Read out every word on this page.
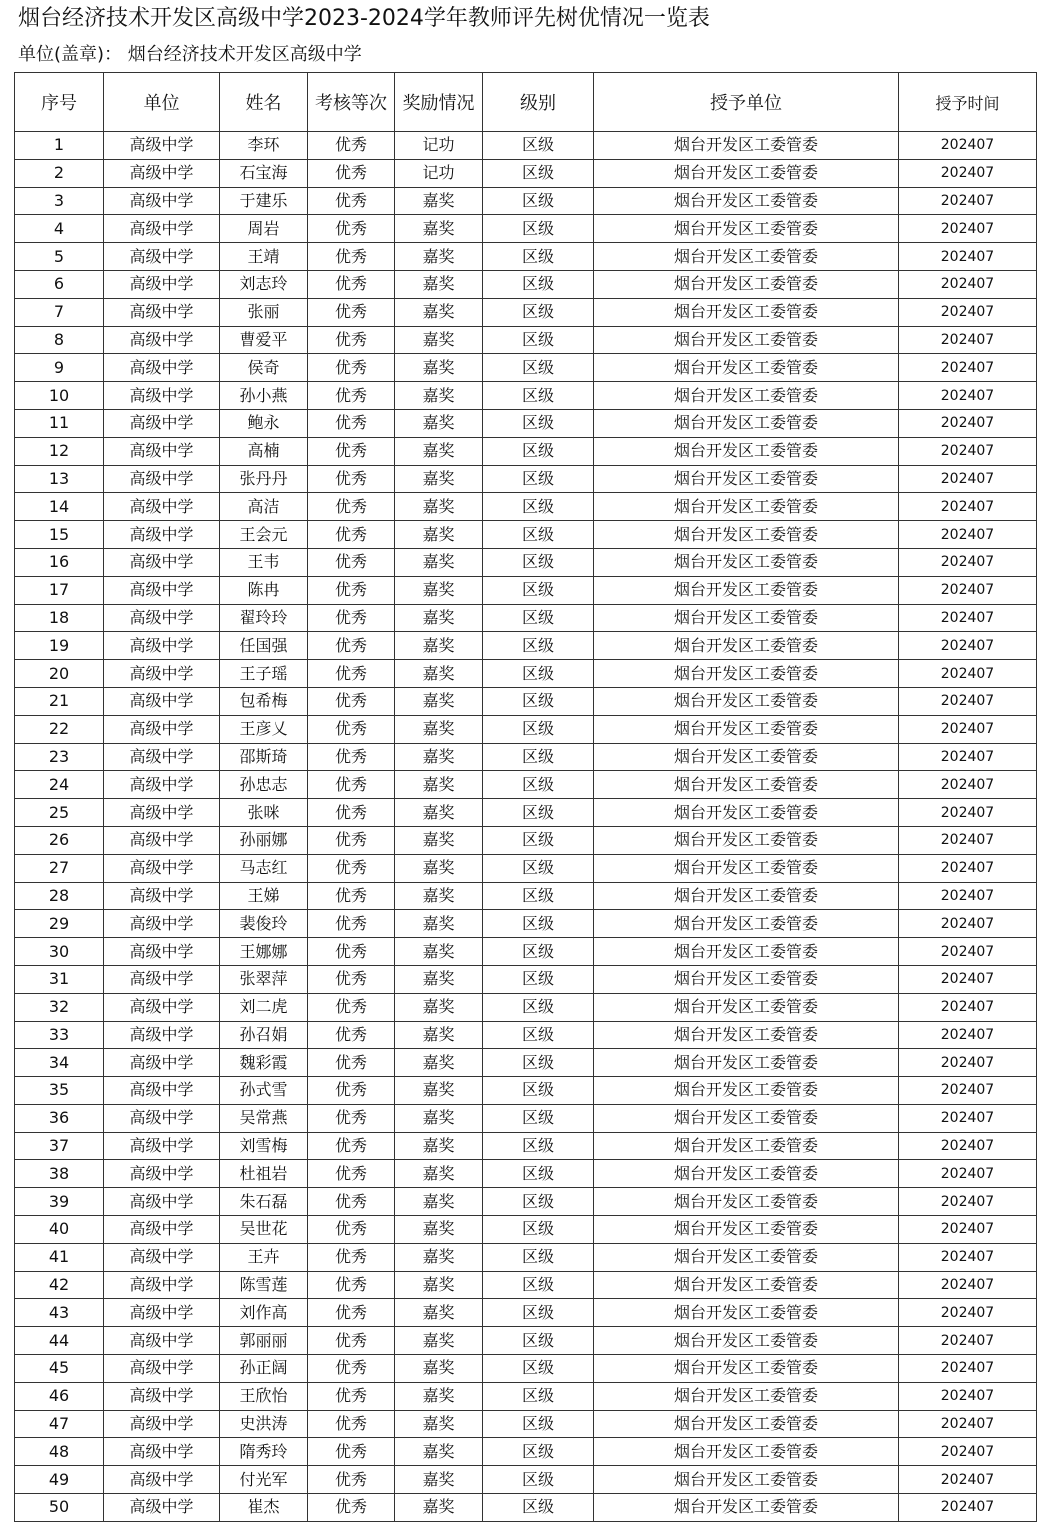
烟台经济技术开发区高级中学2023-2024学年教师评先树优情况一览表
单位(盖章)： 烟台经济技术开发区高级中学
序号	单位	姓名	考核等次	奖励情况	级别	授予单位	授予时间
1	高级中学	李环	优秀	记功	区级	烟台开发区工委管委	202407
2	高级中学	石宝海	优秀	记功	区级	烟台开发区工委管委	202407
3	高级中学	于建乐	优秀	嘉奖	区级	烟台开发区工委管委	202407
4	高级中学	周岩	优秀	嘉奖	区级	烟台开发区工委管委	202407
5	高级中学	王靖	优秀	嘉奖	区级	烟台开发区工委管委	202407
6	高级中学	刘志玲	优秀	嘉奖	区级	烟台开发区工委管委	202407
7	高级中学	张丽	优秀	嘉奖	区级	烟台开发区工委管委	202407
8	高级中学	曹爱平	优秀	嘉奖	区级	烟台开发区工委管委	202407
9	高级中学	侯奇	优秀	嘉奖	区级	烟台开发区工委管委	202407
10	高级中学	孙小燕	优秀	嘉奖	区级	烟台开发区工委管委	202407
11	高级中学	鲍永	优秀	嘉奖	区级	烟台开发区工委管委	202407
12	高级中学	高楠	优秀	嘉奖	区级	烟台开发区工委管委	202407
13	高级中学	张丹丹	优秀	嘉奖	区级	烟台开发区工委管委	202407
14	高级中学	高洁	优秀	嘉奖	区级	烟台开发区工委管委	202407
15	高级中学	王会元	优秀	嘉奖	区级	烟台开发区工委管委	202407
16	高级中学	王韦	优秀	嘉奖	区级	烟台开发区工委管委	202407
17	高级中学	陈冉	优秀	嘉奖	区级	烟台开发区工委管委	202407
18	高级中学	翟玲玲	优秀	嘉奖	区级	烟台开发区工委管委	202407
19	高级中学	任国强	优秀	嘉奖	区级	烟台开发区工委管委	202407
20	高级中学	王子瑶	优秀	嘉奖	区级	烟台开发区工委管委	202407
21	高级中学	包希梅	优秀	嘉奖	区级	烟台开发区工委管委	202407
22	高级中学	王彦乂	优秀	嘉奖	区级	烟台开发区工委管委	202407
23	高级中学	邵斯琦	优秀	嘉奖	区级	烟台开发区工委管委	202407
24	高级中学	孙忠志	优秀	嘉奖	区级	烟台开发区工委管委	202407
25	高级中学	张咪	优秀	嘉奖	区级	烟台开发区工委管委	202407
26	高级中学	孙丽娜	优秀	嘉奖	区级	烟台开发区工委管委	202407
27	高级中学	马志红	优秀	嘉奖	区级	烟台开发区工委管委	202407
28	高级中学	王娣	优秀	嘉奖	区级	烟台开发区工委管委	202407
29	高级中学	裴俊玲	优秀	嘉奖	区级	烟台开发区工委管委	202407
30	高级中学	王娜娜	优秀	嘉奖	区级	烟台开发区工委管委	202407
31	高级中学	张翠萍	优秀	嘉奖	区级	烟台开发区工委管委	202407
32	高级中学	刘二虎	优秀	嘉奖	区级	烟台开发区工委管委	202407
33	高级中学	孙召娟	优秀	嘉奖	区级	烟台开发区工委管委	202407
34	高级中学	魏彩霞	优秀	嘉奖	区级	烟台开发区工委管委	202407
35	高级中学	孙式雪	优秀	嘉奖	区级	烟台开发区工委管委	202407
36	高级中学	吴常燕	优秀	嘉奖	区级	烟台开发区工委管委	202407
37	高级中学	刘雪梅	优秀	嘉奖	区级	烟台开发区工委管委	202407
38	高级中学	杜祖岩	优秀	嘉奖	区级	烟台开发区工委管委	202407
39	高级中学	朱石磊	优秀	嘉奖	区级	烟台开发区工委管委	202407
40	高级中学	吴世花	优秀	嘉奖	区级	烟台开发区工委管委	202407
41	高级中学	王卉	优秀	嘉奖	区级	烟台开发区工委管委	202407
42	高级中学	陈雪莲	优秀	嘉奖	区级	烟台开发区工委管委	202407
43	高级中学	刘作高	优秀	嘉奖	区级	烟台开发区工委管委	202407
44	高级中学	郭丽丽	优秀	嘉奖	区级	烟台开发区工委管委	202407
45	高级中学	孙正阔	优秀	嘉奖	区级	烟台开发区工委管委	202407
46	高级中学	王欣怡	优秀	嘉奖	区级	烟台开发区工委管委	202407
47	高级中学	史洪涛	优秀	嘉奖	区级	烟台开发区工委管委	202407
48	高级中学	隋秀玲	优秀	嘉奖	区级	烟台开发区工委管委	202407
49	高级中学	付光军	优秀	嘉奖	区级	烟台开发区工委管委	202407
50	高级中学	崔杰	优秀	嘉奖	区级	烟台开发区工委管委	202407
